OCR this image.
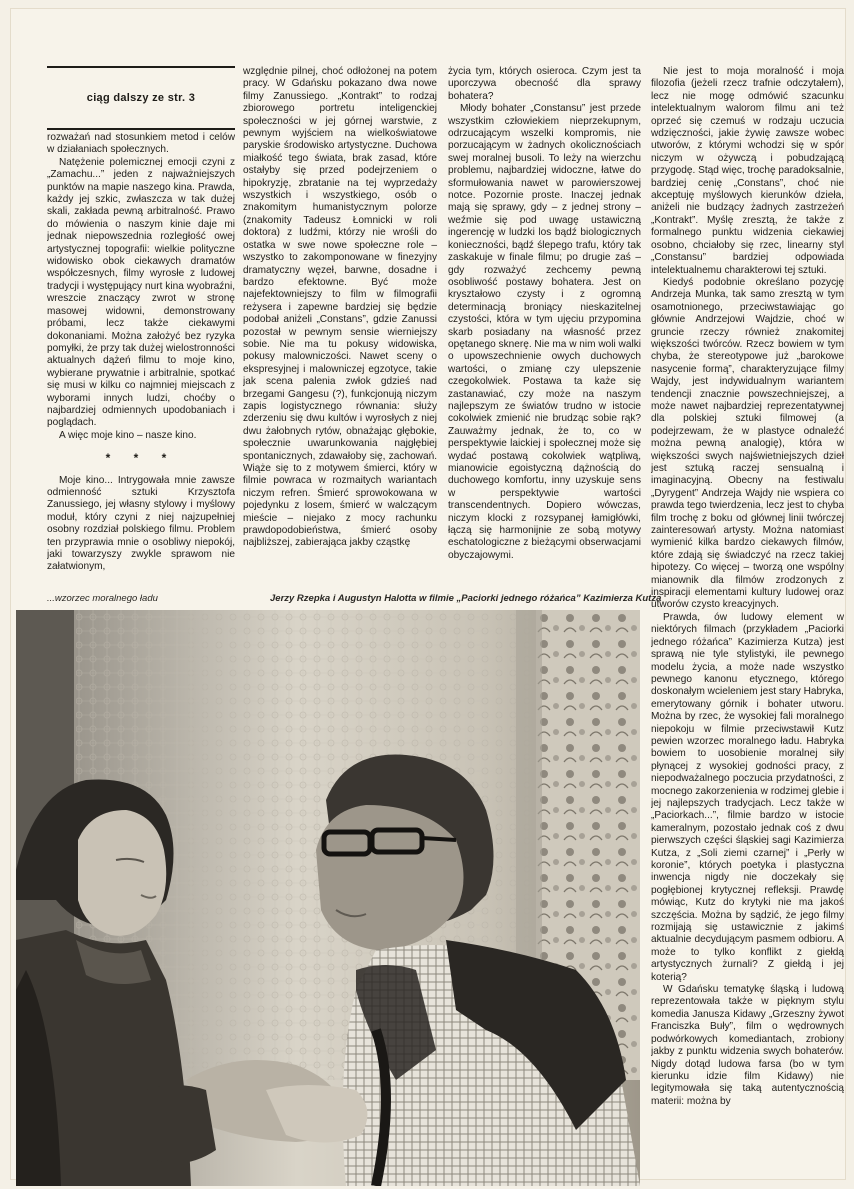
ciąg dalszy ze str. 3

rozważań nad stosunkiem metod i celów w działaniach społecznych.

Natężenie polemicznej emocji czyni z „Zamachu...” jeden z najważniejszych punktów na mapie naszego kina. Prawda, każdy jej szkic, zwłaszcza w tak dużej skali, zakłada pewną arbitralność. Prawo do mówienia o naszym kinie daje mi jednak niepowszednia rozległość owej artystycznej topografii: wielkie polityczne widowisko obok ciekawych dramatów współczesnych, filmy wyrosłe z ludowej tradycji i występujący nurt kina wyobraźni, wreszcie znaczący zwrot w stronę masowej widowni, demonstrowany próbami, lecz także ciekawymi dokonaniami. Można założyć bez ryzyka pomyłki, że przy tak dużej wielostronności aktualnych dążeń filmu to moje kino, wybierane prywatnie i arbitralnie, spotkać się musi w kilku co najmniej miejscach z wyborami innych ludzi, choćby o najbardziej odmiennych upodobaniach i poglądach.

A więc moje kino – nasze kino.

* * *

Moje kino... Intrygowała mnie zawsze odmienność sztuki Krzysztofa Zanussiego, jej własny stylowy i myślowy moduł, który czyni z niej najzupełniej osobny rozdział polskiego filmu. Problem ten przyprawia mnie o osobliwy niepokój, jaki towarzyszy zwykle sprawom nie załatwionym,

względnie pilnej, choć odłożonej na potem pracy. W Gdańsku pokazano dwa nowe filmy Zanussiego. „Kontrakt” to rodzaj zbiorowego portretu inteligenckiej społeczności w jej górnej warstwie, z pewnym wyjściem na wielkoświatowe paryskie środowisko artystyczne. Duchowa miałkość tego świata, brak zasad, które ostałyby się przed podejrzeniem o hipokryzję, zbratanie na tej wyprzedaży wszystkich i wszystkiego, osób o znakomitym humanistycznym polorze (znakomity Tadeusz Łomnicki w roli doktora) z ludźmi, którzy nie wrośli do ostatka w swe nowe społeczne role – wszystko to zakomponowane w finezyjny dramatyczny węzeł, barwne, dosadne i bardzo efektowne. Być może najefektowniejszy to film w filmografii reżysera i zapewne bardziej się będzie podobał aniżeli „Constans”, gdzie Zanussi pozostał w pewnym sensie wierniejszy sobie. Nie ma tu pokusy widowiska, pokusy malowniczości. Nawet sceny o ekspresyjnej i malowniczej egzotyce, takie jak scena palenia zwłok gdzieś nad brzegami Gangesu (?), funkcjonują niczym zapis logistycznego równania: służy zderzeniu się dwu kultów i wyrosłych z niej dwu żałobnych rytów, obnażając głębokie, społecznie uwarunkowania najgłębiej spontanicznych, zdawałoby się, zachowań. Wiąże się to z motywem śmierci, który w filmie powraca w rozmaitych wariantach niczym refren. Śmierć sprowokowana w pojedynku z losem, śmierć w walczącym mieście – niejako z mocy rachunku prawdopodobieństwa, śmierć osoby najbliższej, zabierająca jakby cząstkę

życia tym, których osieroca. Czym jest ta uporczywa obecność dla sprawy bohatera?

Młody bohater „Constansu” jest przede wszystkim człowiekiem nieprzekupnym, odrzucającym wszelki kompromis, nie porzucającym w żadnych okolicznościach swej moralnej busoli. To leży na wierzchu problemu, najbardziej widoczne, łatwe do sformułowania nawet w parowierszowej notce. Pozornie proste. Inaczej jednak mają się sprawy, gdy – z jednej strony – weźmie się pod uwagę ustawiczną ingerencję w ludzki los bądź biologicznych konieczności, bądź ślepego trafu, który tak zaskakuje w finale filmu; po drugie zaś – gdy rozważyć zechcemy pewną osobliwość postawy bohatera. Jest on kryształowo czysty i z ogromną determinacją broniący nieskazitelnej czystości, która w tym ujęciu przypomina skarb posiadany na własność przez opętanego sknerę. Nie ma w nim woli walki o upowszechnienie owych duchowych wartości, o zmianę czy ulepszenie czegokolwiek. Postawa ta każe się zastanawiać, czy może na naszym najlepszym ze światów trudno w istocie cokolwiek zmienić nie brudząc sobie rąk? Zauważmy jednak, że to, co w perspektywie laickiej i społecznej może się wydać postawą cokolwiek wątpliwą, mianowicie egoistyczną dążnością do duchowego komfortu, inny uzyskuje sens w perspektywie wartości transcendentnych. Dopiero wówczas, niczym klocki z rozsypanej łamigłówki, łączą się harmonijnie ze sobą motywy eschatologiczne z bieżącymi obserwacjami obyczajowymi.

Nie jest to moja moralność i moja filozofia (jeżeli rzecz trafnie odczytałem), lecz nie mogę odmówić szacunku intelektualnym walorom filmu ani też oprzeć się czemuś w rodzaju uczucia wdzięczności, jakie żywię zawsze wobec utworów, z którymi wchodzi się w spór niczym w ożywczą i pobudzającą przygodę. Stąd więc, trochę paradoksalnie, bardziej cenię „Constans”, choć nie akceptuję myślowych kierunków dzieła, aniżeli nie budzący żadnych zastrzeżeń „Kontrakt”. Myślę zresztą, że także z formalnego punktu widzenia ciekawiej osobno, chciałoby się rzec, linearny styl „Constansu” bardziej odpowiada intelektualnemu charakterowi tej sztuki.

Kiedyś podobnie określano pozycję Andrzeja Munka, tak samo zresztą w tym osamotnionego, przeciwstawiając go głównie Andrzejowi Wajdzie, choć w gruncie rzeczy również znakomitej większości twórców. Rzecz bowiem w tym chyba, że stereotypowe już „barokowe nasycenie formą”, charakteryzujące filmy Wajdy, jest indywidualnym wariantem tendencji znacznie powszechniejszej, a może nawet najbardziej reprezentatywnej dla polskiej sztuki filmowej (a podejrzewam, że w plastyce odnaleźć można pewną analogię), która w większości swych najświetniejszych dzieł jest sztuką raczej sensualną i imaginacyjną. Obecny na festiwalu „Dyrygent” Andrzeja Wajdy nie wspiera co prawda tego twierdzenia, lecz jest to chyba film trochę z boku od głównej linii twórczej zainteresowań artysty. Można natomiast wymienić kilka bardzo ciekawych filmów, które zdają się świadczyć na rzecz takiej hipotezy. Co więcej – tworzą one wspólny mianownik dla filmów zrodzonych z inspiracji elementami kultury ludowej oraz utworów czysto kreacyjnych.

Prawda, ów ludowy element w niektórych filmach (przykładem „Paciorki jednego różańca” Kazimierza Kutza) jest sprawą nie tyle stylistyki, ile pewnego modelu życia, a może nade wszystko pewnego kanonu etycznego, którego doskonałym wcieleniem jest stary Habryka, emerytowany górnik i bohater utworu. Można by rzec, że wysokiej fali moralnego niepokoju w filmie przeciwstawił Kutz pewien wzorzec moralnego ładu. Habryka bowiem to uosobienie moralnej siły płynącej z wysokiej godności pracy, z niepodważalnego poczucia przydatności, z mocnego zakorzenienia w rodzimej glebie i jej najlepszych tradycjach. Lecz także w „Paciorkach...”, filmie bardzo w istocie kameralnym, pozostało jednak coś z dwu pierwszych części śląskiej sagi Kazimierza Kutza, z „Soli ziemi czarnej” i „Perły w koronie”, których poetyka i plastyczna inwencja nigdy nie doczekały się pogłębionej krytycznej refleksji. Prawdę mówiąc, Kutz do krytyki nie ma jakoś szczęścia. Można by sądzić, że jego filmy rozmijają się ustawicznie z jakimś aktualnie decydującym pasmem odbioru. A może to tylko konflikt z giełdą artystycznych żurnali? Z giełdą i jej koterią?

W Gdańsku tematykę śląską i ludową reprezentowała także w pięknym stylu komedia Janusza Kidawy „Grzeszny żywot Franciszka Buły”, film o wędrownych podwórkowych komediantach, zrobiony jakby z punktu widzenia swych bohaterów. Nigdy dotąd ludowa farsa (bo w tym kierunku idzie film Kidawy) nie legitymowała się taką autentycznością materii: można by

...wzorzec moralnego ładu	Jerzy Rzepka i Augustyn Halotta w filmie „Paciorki jednego różańca” Kazimierza Kutza
